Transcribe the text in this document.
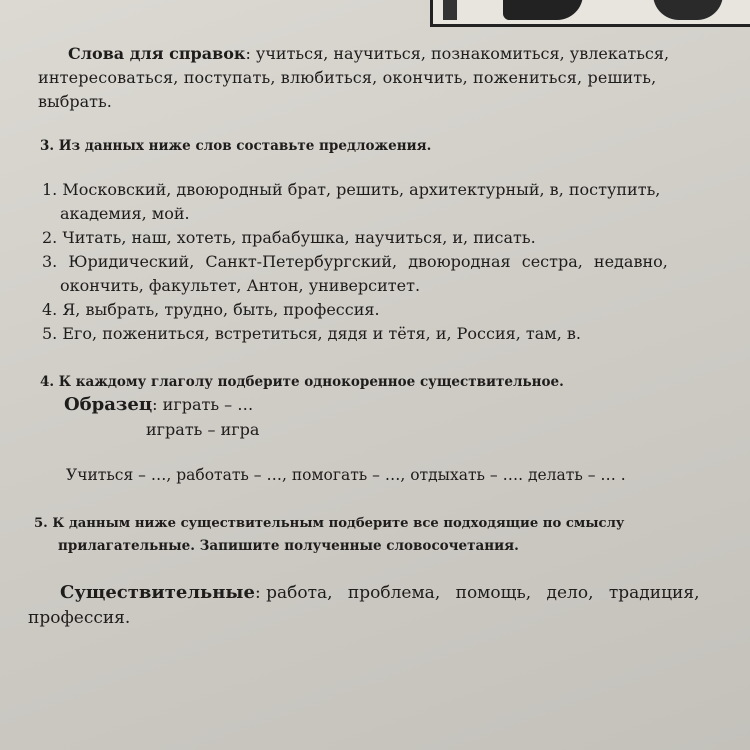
Слова для справок: учиться, научиться, познакомиться, увлекаться,
интересоваться, поступать, влюбиться, окончить, пожениться, решить,
выбрать.
3. Из данных ниже слов составьте предложения.
1. Московский, двоюродный брат, решить, архитектурный, в, поступить,
академия, мой.
2. Читать, наш, хотеть, прабабушка, научиться, и, писать.
3. Юридический, Санкт-Петербургский, двоюродная сестра, недавно,
окончить, факультет, Антон, университет.
4. Я, выбрать, трудно, быть, профессия.
5. Его, пожениться, встретиться, дядя и тётя, и, Россия, там, в.
4. К каждому глаголу подберите однокоренное существительное.
Образец: играть – …
играть – игра
Учиться – …, работать – …, помогать – …, отдыхать – …. делать – … .
5. К данным ниже существительным подберите все подходящие по смыслу
прилагательные. Запишите полученные словосочетания.
Существительные: работа, проблема, помощь, дело, традиция,
профессия.
